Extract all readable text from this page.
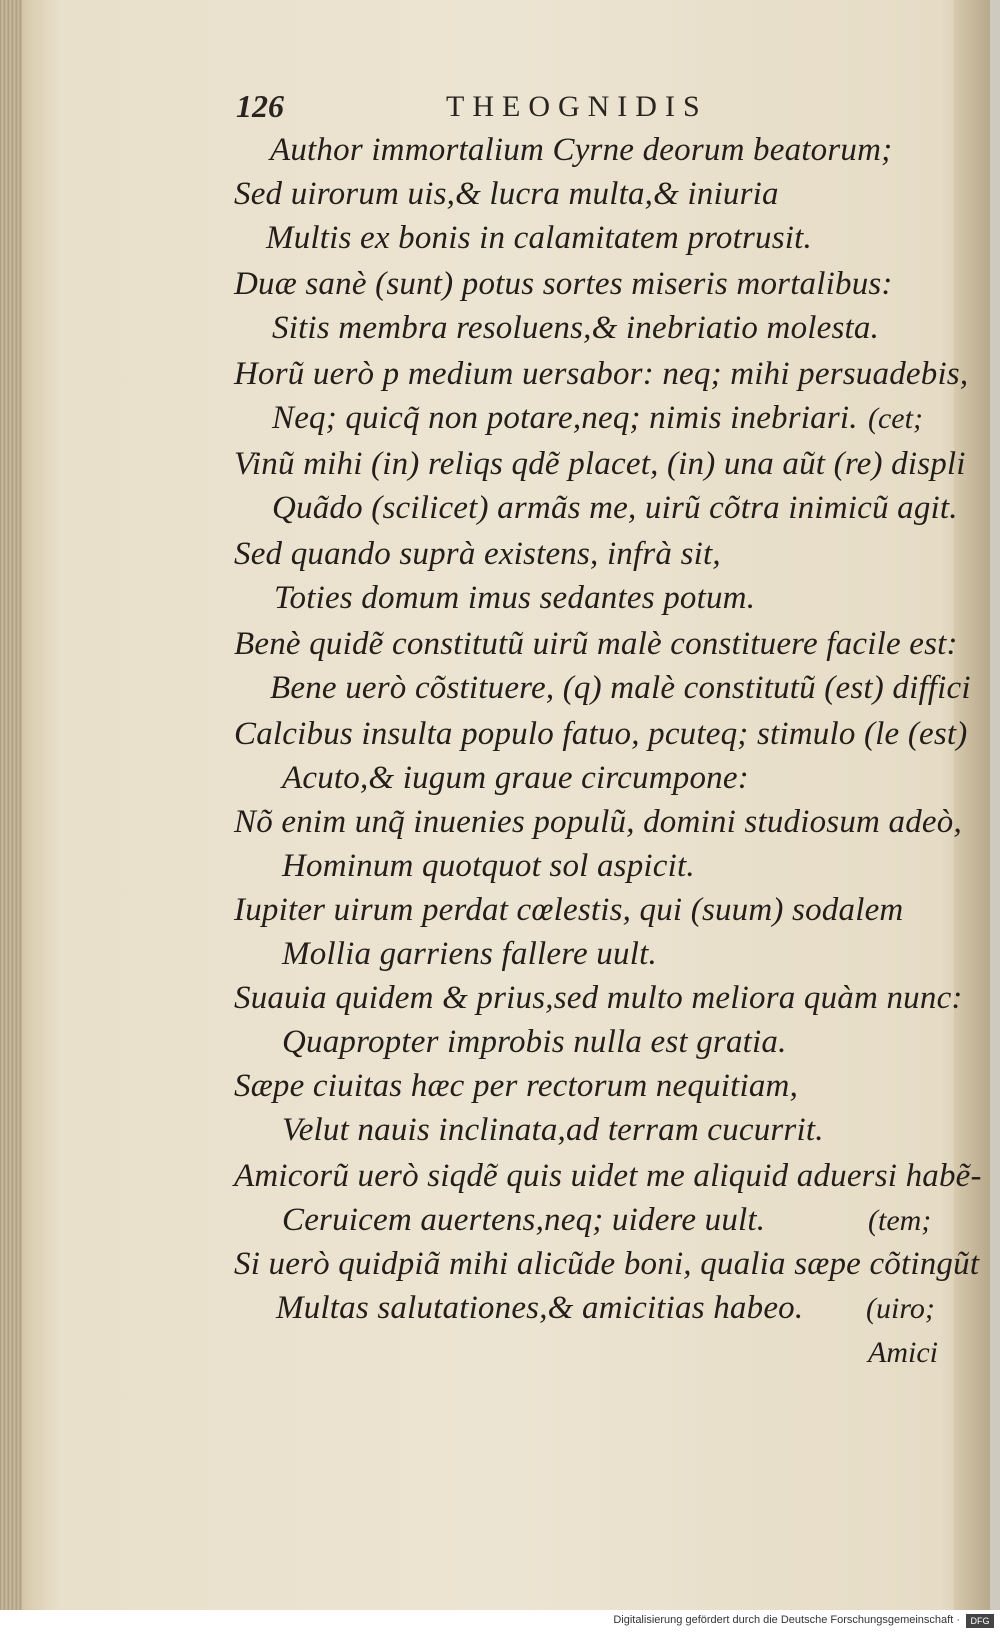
126	THEOGNIDIS
Author immortalium Cyrne deorum beatorum;
Sed uirorum uis,& lucra multa,& iniuria
Multis ex bonis in calamitatem protrusit.
Duæ sanè (sunt) potus sortes miseris mortalibus:
Sitis membra resoluens,& inebriatio molesta.
Horũ uerò p medium uersabor: neq; mihi persuadebis,
Neq; quicq̃ non potare,neq; nimis inebriari.
Vinũ mihi (in) reliqs qdẽ placet, (in) una aũt (re) displi
Quãdo (scilicet) armãs me, uirũ cõtra inimicũ agit.
Sed quando suprà existens, infrà sit,
Toties domum imus sedantes potum.
Benè quidẽ constitutũ uirũ malè constituere facile est:
Bene uerò cõstituere, (q) malè constitutũ (est) diffici
Calcibus insulta populo fatuo, pcuteq; stimulo (le (est)
Acuto,& iugum graue circumpone:
Nõ enim unq̃ inuenies populũ, domini studiosum adeò,
Hominum quotquot sol aspicit.
Iupiter uirum perdat cœlestis, qui (suum) sodalem
Mollia garriens fallere uult.
Suauia quidem & prius,sed multo meliora quàm nunc:
Quapropter improbis nulla est gratia.
Sæpe ciuitas hæc per rectorum nequitiam,
Velut nauis inclinata,ad terram cucurrit.
Amicorũ uerò siqdẽ quis uidet me aliquid aduersi habẽ-
Ceruicem auertens,neq; uidere uult.
Si uerò quidpiã mihi alicũde boni, qualia sæpe cõtingũt
Multas salutationes,& amicitias habeo.
(cet;
(tem;
(uiro;
Amici
Digitalisierung gefördert durch die Deutsche Forschungsgemeinschaft ·	DFG
